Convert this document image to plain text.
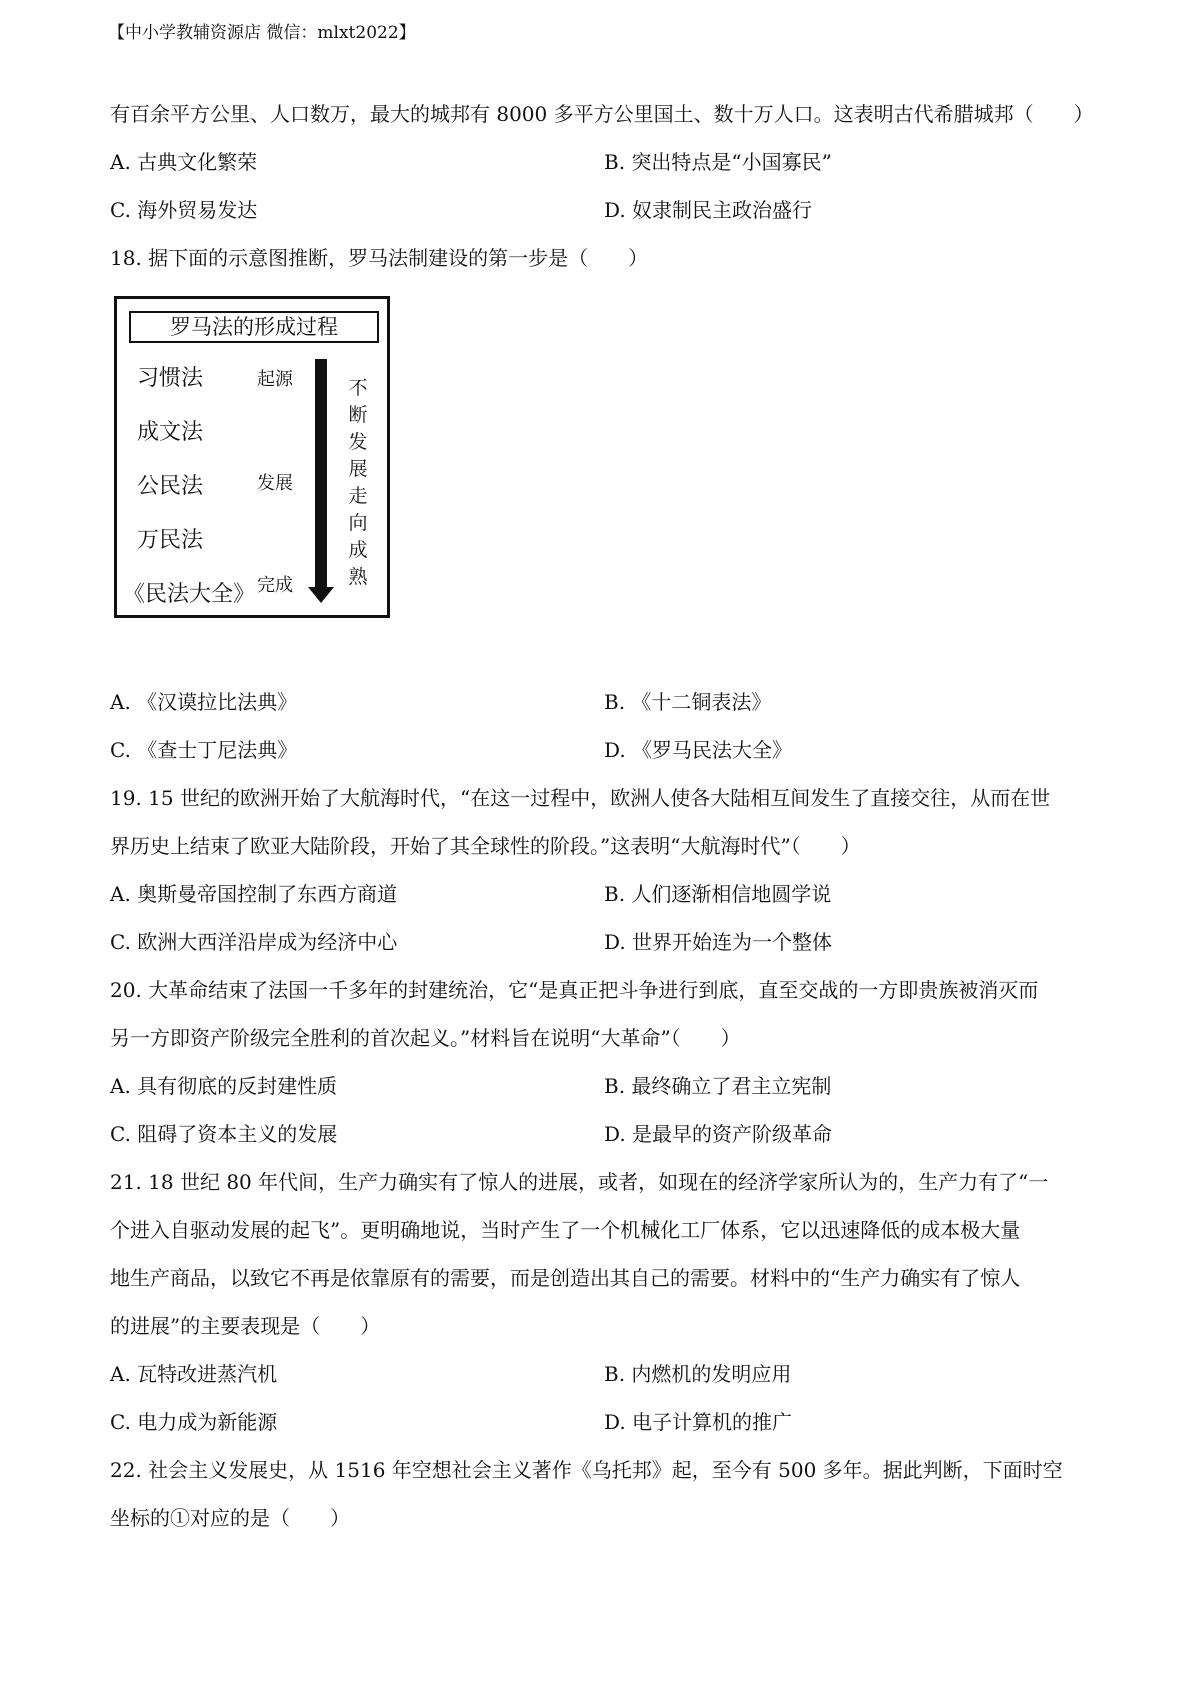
【中小学教辅资源店 微信：mlxt2022】
有百余平方公里、人口数万，最大的城邦有 8000 多平方公里国土、数十万人口。这表明古代希腊城邦（　　）
A. 古典文化繁荣	B. 突出特点是“小国寡民”
C. 海外贸易发达	D. 奴隶制民主政治盛行
18. 据下面的示意图推断，罗马法制建设的第一步是（　　）
罗马法的形成过程
习惯法
成文法
公民法
万民法
《民法大全》
起源
发展
完成
不断发展走向成熟
A. 《汉谟拉比法典》	B. 《十二铜表法》
C. 《查士丁尼法典》	D. 《罗马民法大全》
19. 15 世纪的欧洲开始了大航海时代，“在这一过程中，欧洲人使各大陆相互间发生了直接交往，从而在世
界历史上结束了欧亚大陆阶段，开始了其全球性的阶段。”这表明“大航海时代”（　　）
A. 奥斯曼帝国控制了东西方商道	B. 人们逐渐相信地圆学说
C. 欧洲大西洋沿岸成为经济中心	D. 世界开始连为一个整体
20. 大革命结束了法国一千多年的封建统治，它“是真正把斗争进行到底，直至交战的一方即贵族被消灭而
另一方即资产阶级完全胜利的首次起义。”材料旨在说明“大革命”（　　）
A. 具有彻底的反封建性质	B. 最终确立了君主立宪制
C. 阻碍了资本主义的发展	D. 是最早的资产阶级革命
21. 18 世纪 80 年代间，生产力确实有了惊人的进展，或者，如现在的经济学家所认为的，生产力有了“一
个进入自驱动发展的起飞”。更明确地说，当时产生了一个机械化工厂体系，它以迅速降低的成本极大量
地生产商品，以致它不再是依靠原有的需要，而是创造出其自己的需要。材料中的“生产力确实有了惊人
的进展”的主要表现是（　　）
A. 瓦特改进蒸汽机	B. 内燃机的发明应用
C. 电力成为新能源	D. 电子计算机的推广
22. 社会主义发展史，从 1516 年空想社会主义著作《乌托邦》起，至今有 500 多年。据此判断，下面时空
坐标的①对应的是（　　）
